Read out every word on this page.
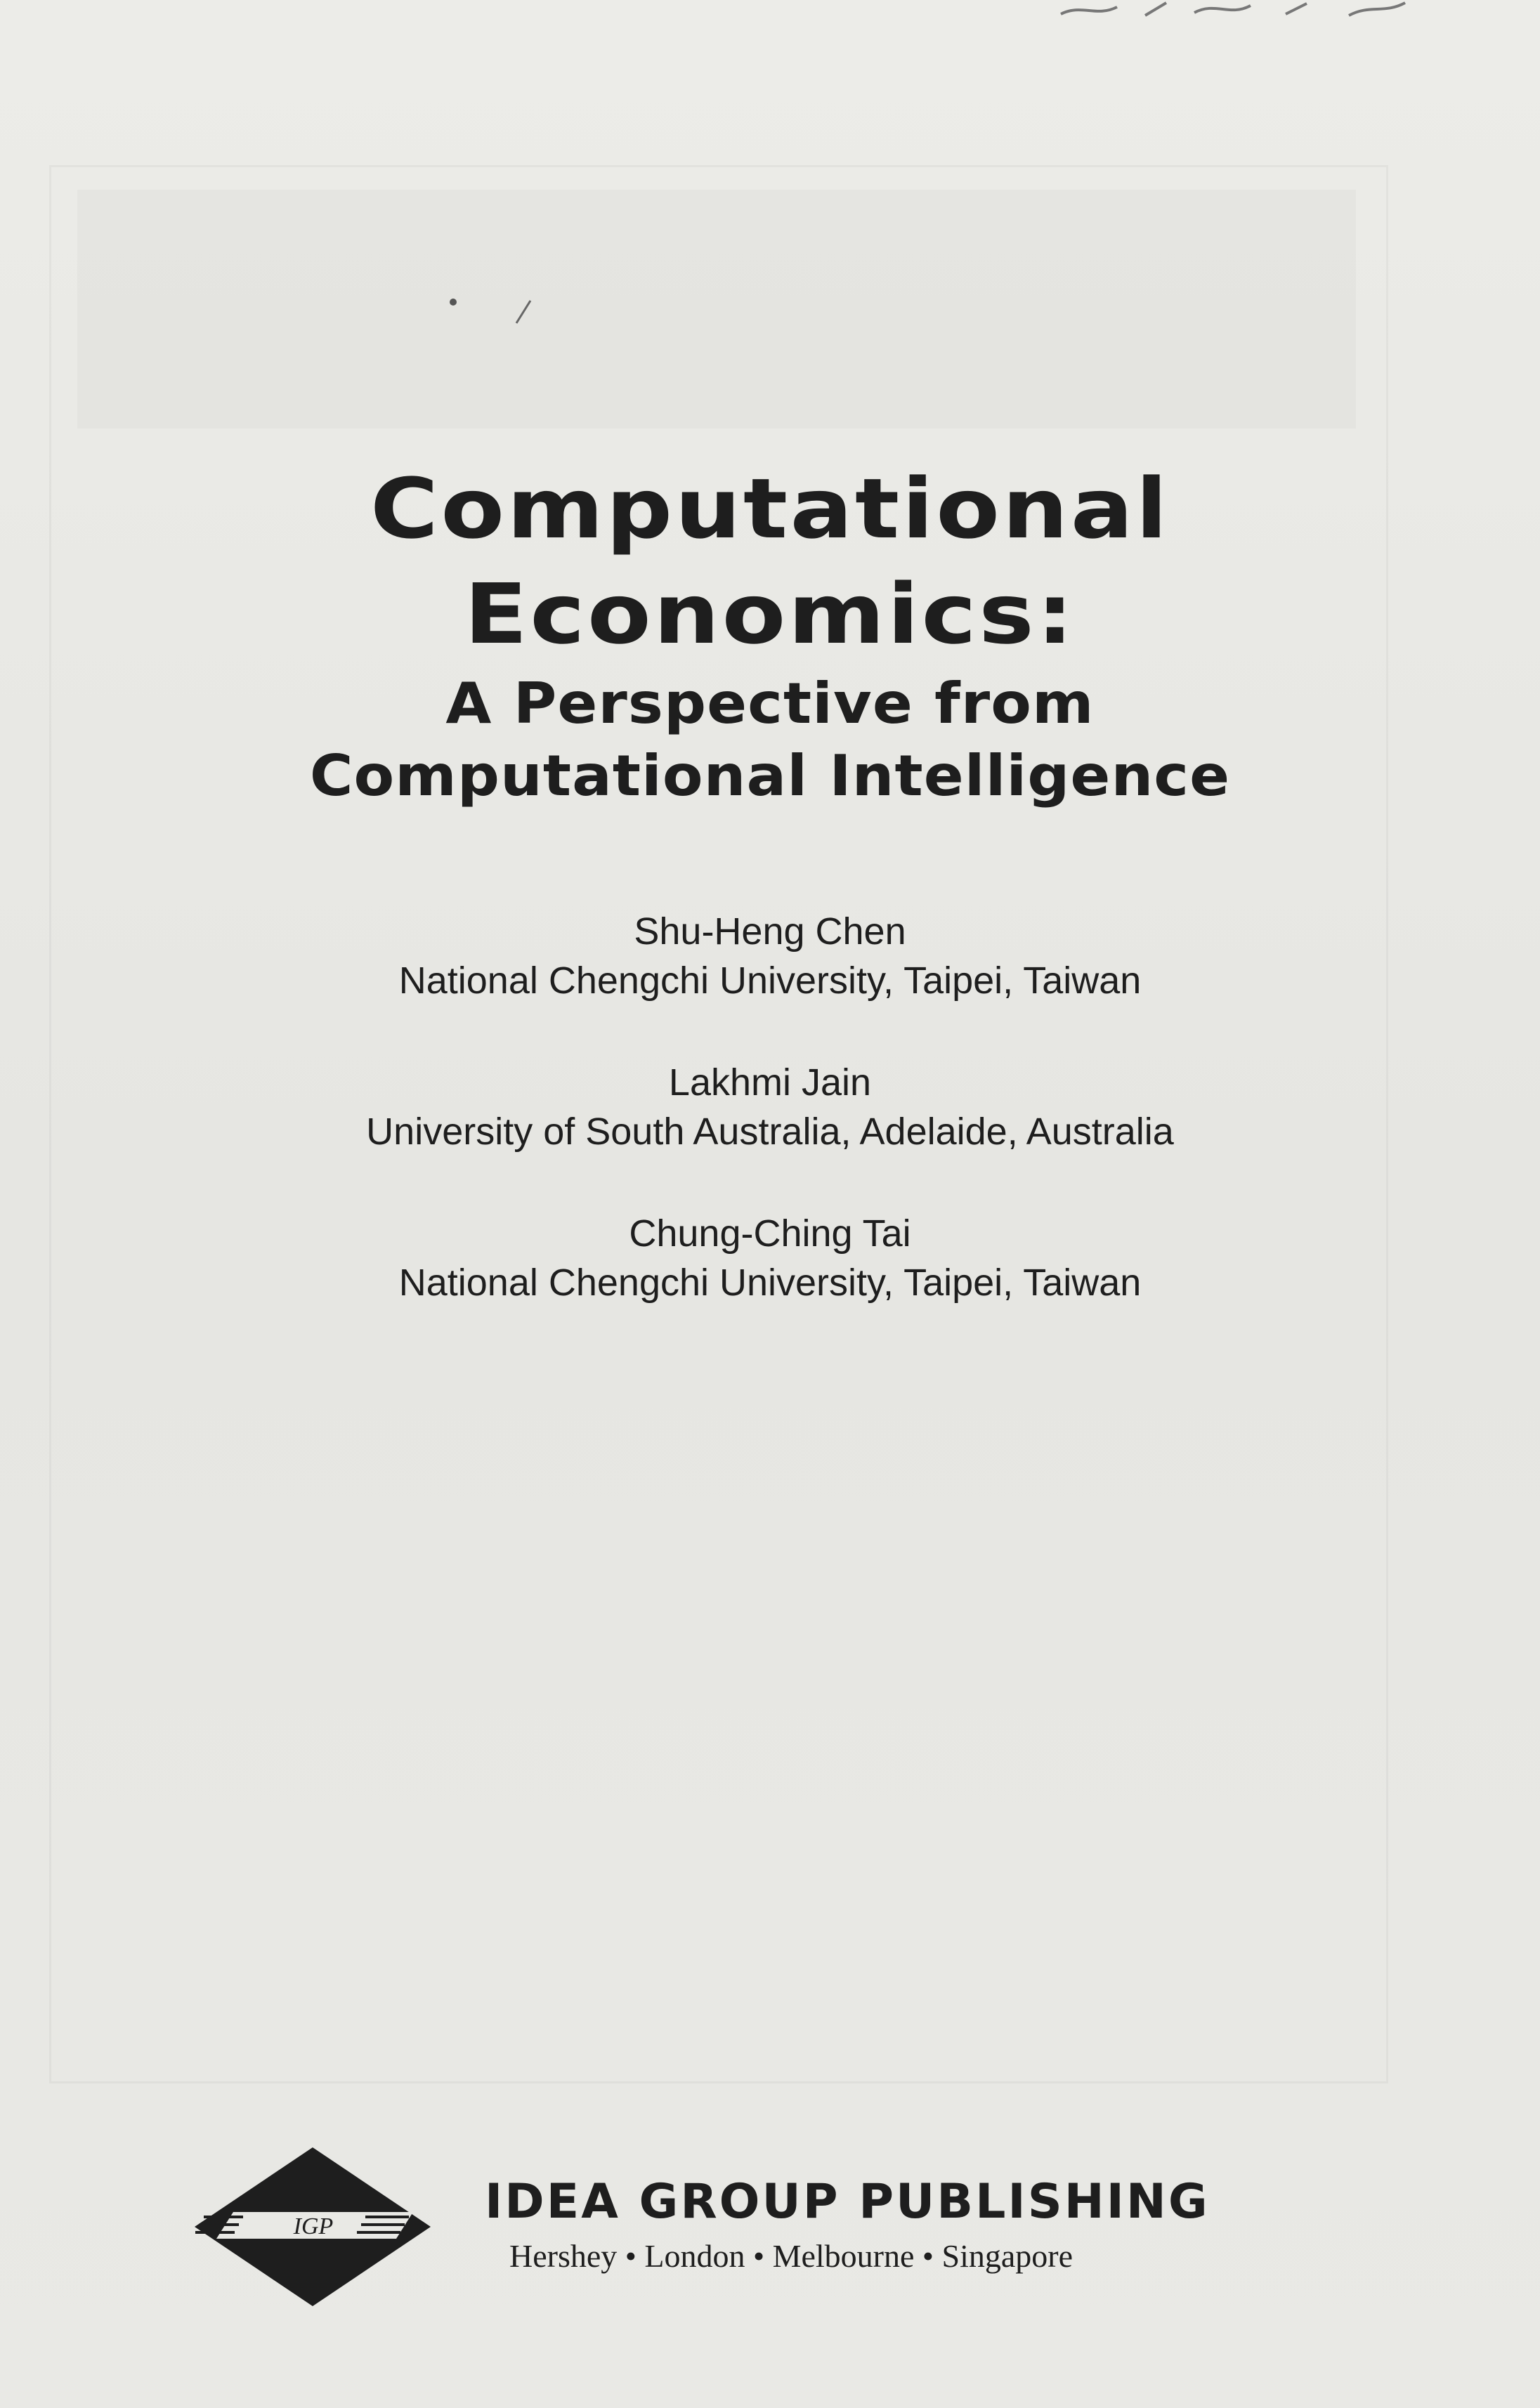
Computational
Economics:
A Perspective from
Computational Intelligence

Shu-Heng Chen

National Chengchi University, Taipei, Taiwan

Lakhmi Jain

University of South Australia, Adelaide, Australia

Chung-Ching Tai

National Chengchi University, Taipei, Taiwan

IGP	IDEA GROUP PUBLISHING

Hershey • London • Melbourne • Singapore
